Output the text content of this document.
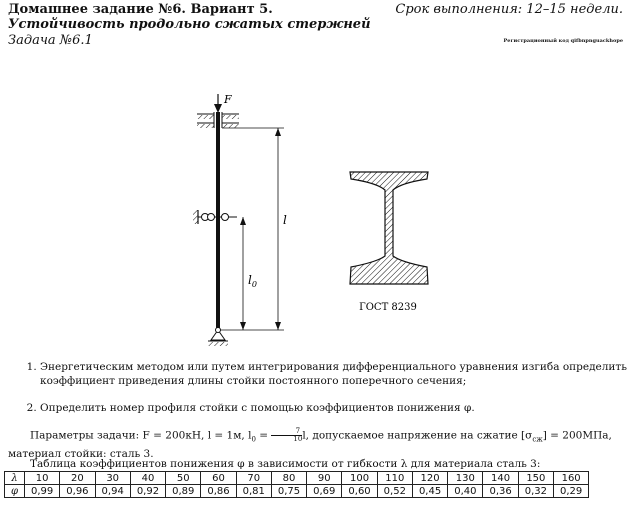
Домашнее задание №6. Вариант 5.
Устойчивость продольно сжатых стержней
Задача №6.1
Срок выполнения: 12–15 недели.
Регистрационный код qifbnpnguackhope
F
l
$l_0$
ГОСТ 8239
1. Энергетическим методом или путем интегрирования дифференциального уравнения изгиба определить коэффициент приведения длины стойки постоянного поперечного сечения;
2. Определить номер профиля стойки с помощью коэффициентов понижения φ.
Параметры задачи: F = 200кН, l = 1м, $l_0 = \frac{7}{10} l$, допускаемое напряжение на сжатие $[\sigma_{сж}] = 200МПа$, материал стойки: сталь 3.
Таблица коэффициентов понижения φ в зависимости от гибкости λ для материала сталь 3:
λ	10	20	30	40	50	60	70	80	90	100	110	120	130	140	150	160
φ	0,99	0,96	0,94	0,92	0,89	0,86	0,81	0,75	0,69	0,60	0,52	0,45	0,40	0,36	0,32	0,29
